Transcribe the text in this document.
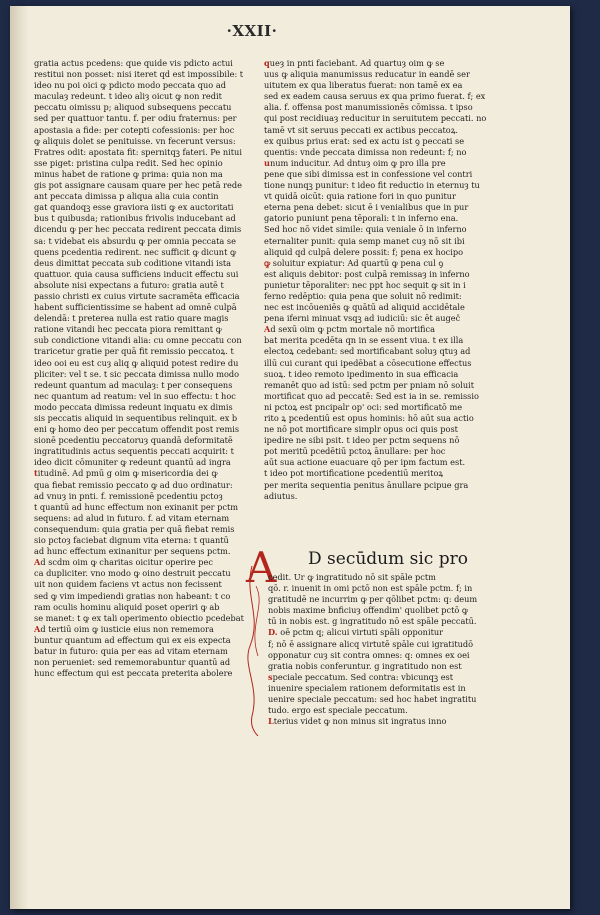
·XXII·
gratia actus pcedens: que quide vis pdicto actui
restitui non posset: nisi iteret qd est impossibile: t
ideo nu poi oici ꝙ pdicto modo peccata quo ad
maculaȝ redeunt. t ideo aliȝ oicut ꝙ non redit
peccatu oimissu p; aliquod subsequens peccatu
sed per quattuor tantu. f. per odiu fraternus: per
apostasia a fide: per cotepti cofessionis: per hoc
ꝙ aliquis dolet se penituisse. vn fecerunt versus:
Fratres odit: apostata fit: spernitqꝫ fateri. Pe nitui
sse piget: pristina culpa redit. Sed hec opinio
minus habet de ratione ꝙ prima: quia non ma
gis pot assignare causam quare per hec petā rede
ant peccata dimissa p aliqua alia cuia contin
gat quandoqꝫ esse graviora iisti ꝙ ex auctoritati
bus t quibusda; rationibus frivolis inducebant ad
dicendu ꝙ per hec peccata redirent peccata dimis
sa: t videbat eis absurdu ꝙ per omnia peccata se
quens pcedentia redirent. nec sufficit ꝙ dicunt ꝙ
deus dimittat peccata sub coditione vitandi ista
quattuor. quia causa sufficiens inducit effectu sui
absolute nisi expectans a futuro: gratia autē t
passio christi ex cuius virtute sacramēta efficacia
habent sufficientissime se habent ad omnē culpā
delendā: t preterea nulla est ratio quare magis
ratione vitandi hec peccata piora remittant ꝙ
sub condictione vitandi alia: cu omne peccatu con
traricetur gratie per quā fit remissio peccatoꝝ. t
ideo ooi eu est cuȝ aliq ꝙ aliquid potest redire du
pliciter: vel t se. t sic peccata dimissa nullo modo
redeunt quantum ad maculaȝ: t per consequens
nec quantum ad reatum: vel in suo effectu: t hoc
modo peccata dimissa redeunt inquatu ex dimis
sis peccatis aliquid in sequentibus relinquit. ex b
eni ꝙ homo deo per peccatum offendit post remis
sionē pcedentiu peccatoruȝ quandā deformitatē
ingratitudinis actus sequentis peccati acquirit: t
ideo dicit cōmuniter ꝙ redeunt quantū ad ingra
titudinē. Ad pmū g oim ꝙ misericordia dei ꝙ
qua fiebat remissio peccato ꝙ ad duo ordinatur:
ad vnuȝ in pnti. f. remissionē pcedentiu pctoȝ
t quantū ad hunc effectum non exinanit per pctm
sequens: ad alud in futuro. f. ad vitam eternam
consequendum: quia gratia per quā fiebat remis
sio pctoȝ faciebat dignum vita eterna: t quantū
ad hunc effectum exinanitur per sequens pctm.
Ad scdm oim ꝙ charitas oicitur operire pec
ca dupliciter. vno modo ꝙ oino destruit peccatu
uit non quidem faciens vt actus non fecissent
sed ꝙ vim impediendi gratias non habeant: t co
ram oculis hominu aliquid poset operiri ꝙ ab
se manet: t ꝙ ex tali operimento obiectio pcedebat
Ad tertiū oim ꝙ iusticie eius non rememora
buntur quantum ad effectum qui ex eis expecta
batur in futuro: quia per eas ad vitam eternam
non perueniet: sed rememorabuntur quantū ad
hunc effectum qui est peccata preterita abolere
queȝ in pnti faciebant. Ad quartuȝ oim ꝙ se
uus ꝙ aliquia manumissus reducatur in eandē ser
uitutem ex qua liberatus fuerat: non tamē ex ea
sed ex eadem causa seruus ex qua primo fuerat. f; ex
alia. f. offensa post manumissionēs cōmissa. t ipso
qui post recidiuaȝ reducitur in seruitutem peccati. no
tamē vt sit seruus peccati ex actibus peccatoꝝ.
ex quibus prius erat: sed ex actu ist ꝯ peccati se
quentis: vnde peccata dimissa non redeunt: f; no
unum inducitur. Ad dntuȝ oim ꝙ pro illa pre
pene que sibi dimissa est in confessione vel contri
tione nunqꝫ punitur: t ideo fit reductio in eternuȝ tu
vt quidā oicūt: quia ratione fori in quo punitur
eterna pena debet: sicut ē i venialibus que in pur
gatorio puniunt pena tēporali: t in inferno ena.
Sed hoc nō videt simile: quia veniale ō in inferno
eternaliter punit: quia semp manet cuȝ nō sit ibi
aliquid qd culpā delere possit: f; pena ex hocipo
ꝙ soluitur expiatur: Ad quartū ꝙ pena cul ꝯ
est aliquis debitor: post culpā remissaȝ in inferno
punietur tēporaliter: nec ppt hoc sequit ꝙ sit in i
ferno redēptio: quia pena que soluit nō redimit:
nec est incōueniēs ꝙ quātū ad aliquid accidētale
pena iferni minuat vsqꝫ ad iudiciū: sic ēt augeč
Ad sexū oim ꝙ pctm mortale nō mortifica
bat merita pcedēta qn in se essent viua. t ex illa
electoꝝ cedebant: sed mortificabant soluȝ qtuȝ ad
illū cui curant qui ipedēbat a cōsecutione effectus
suoꝝ. t ideo remoto ipedimento in sua efficacia
remanēt quo ad istū: sed pctm per pniam nō soluit
mortificat quo ad peccatē: Sed est ia in se. remissio
ni pctoꝝ est pncipalr op' oci: sed mortificatō me
rito ꝝ pcedentiū est opus hominis: hō aūt sua actio
ne nō pot mortificare simplr opus oci quis post
ipedire ne sibi psit. t ideo per pctm sequens nō
pot meritū pcedētiū pctoꝝ ānullare: per hoc
aūt sua actione euacuare qō per ipm factum est.
t ideo pot mortificatione pcedentiū meritoꝝ
per merita sequentia penitus ānullare pcipue gra
adiutus.
A D secūdum sic pro
cedit. Ur ꝙ ingratitudo nō sit spāle pctm
qō. r. inuenit in omi pctō non est spāle pctm. f; in
gratitudē ne incurrim ꝙ per qōlibet pctm: q: deum
nobis maxime bnficiuȝ offendim' quolibet pctō ꝙ
tū in nobis est. g ingratitudo nō est spāle peccatū.
D. oē pctm q; alicui virtuti spāli opponitur
f; nō ē assignare alicq virtutē spāle cui igratitudō
opponatur cuȝ sit contra omnes: q: omnes ex oei
gratia nobis conferuntur. g ingratitudo non est
speciale peccatum. Sed contra: vbicunqꝫ est
inuenire specialem rationem deformitatis est in
uenire speciale peccatum: sed hoc habet ingratitu
tudo. ergo est speciale peccatum.
Lterius videt ꝙ non minus sit ingratus inno
